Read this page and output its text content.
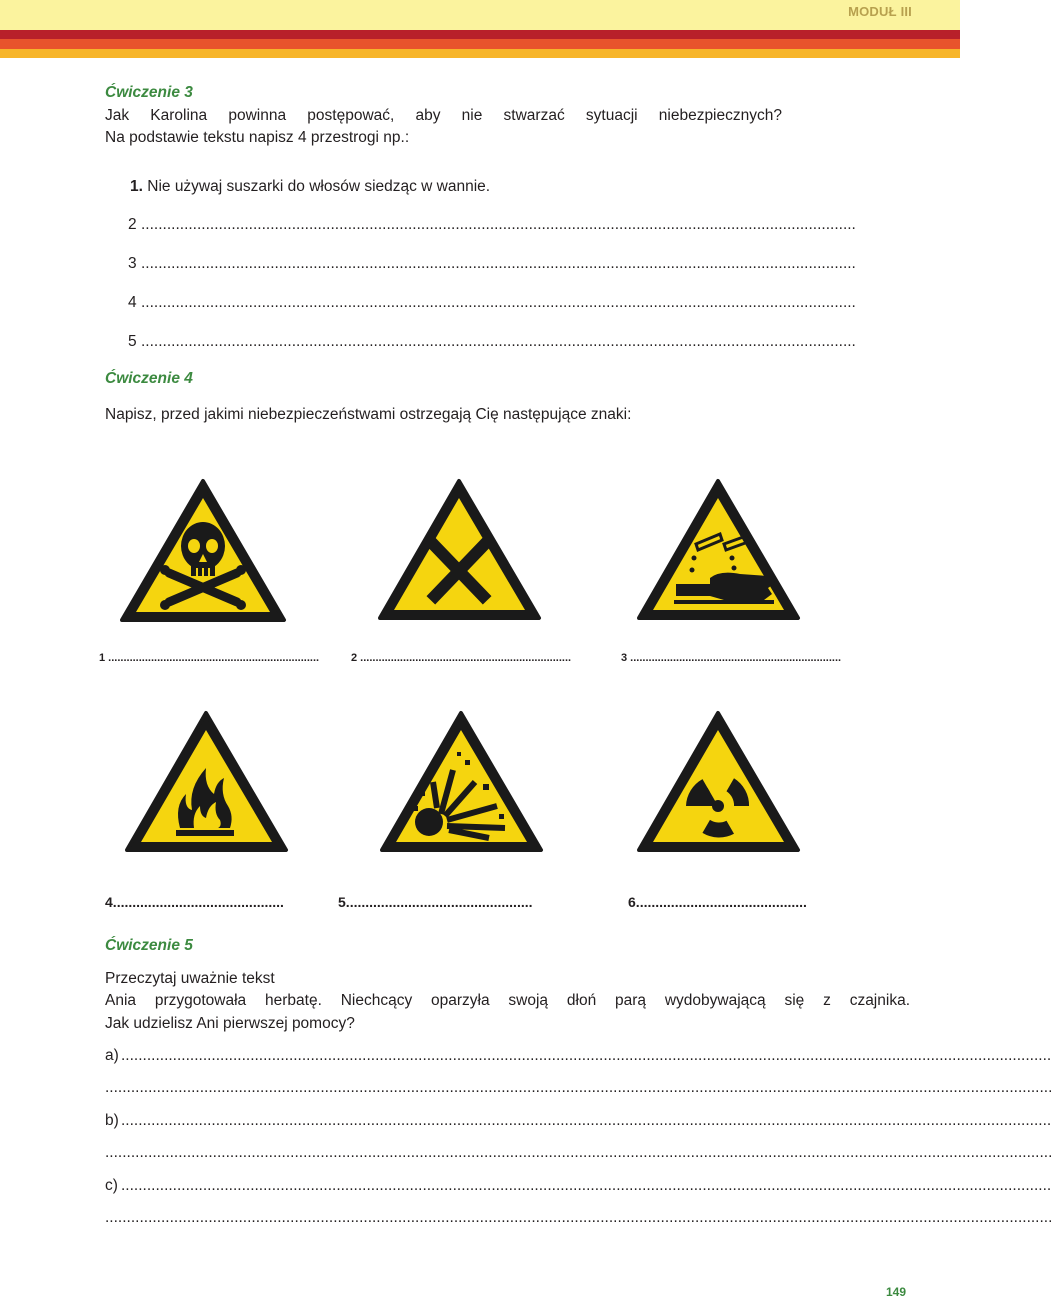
MODUŁ III
Ćwiczenie 3
Jak Karolina powinna postępować, aby nie stwarzać sytuacji niebezpiecznych?
Na podstawie tekstu napisz 4 przestrogi np.:
1. Nie używaj suszarki do włosów siedząc w wannie.
2 ......................................................................................................................................................................
3 ......................................................................................................................................................................
4 ......................................................................................................................................................................
5 ......................................................................................................................................................................
Ćwiczenie 4
Napisz, przed jakimi niebezpieczeństwami ostrzegają Cię następujące znaki:
1 .....................................................................	2 .....................................................................	3 .....................................................................
4............................................	5................................................	6............................................
Ćwiczenie 5
Przeczytaj uważnie tekst
Ania przygotowała herbatę. Niechcący oparzyła swoją dłoń parą wydobywającą się z czajnika.
Jak udzielisz Ani pierwszej pomocy?
a) ........................................................................................................................................................................................................................
............................................................................................................................................................................................................................
b) ........................................................................................................................................................................................................................
............................................................................................................................................................................................................................
c) ........................................................................................................................................................................................................................
............................................................................................................................................................................................................................
149
